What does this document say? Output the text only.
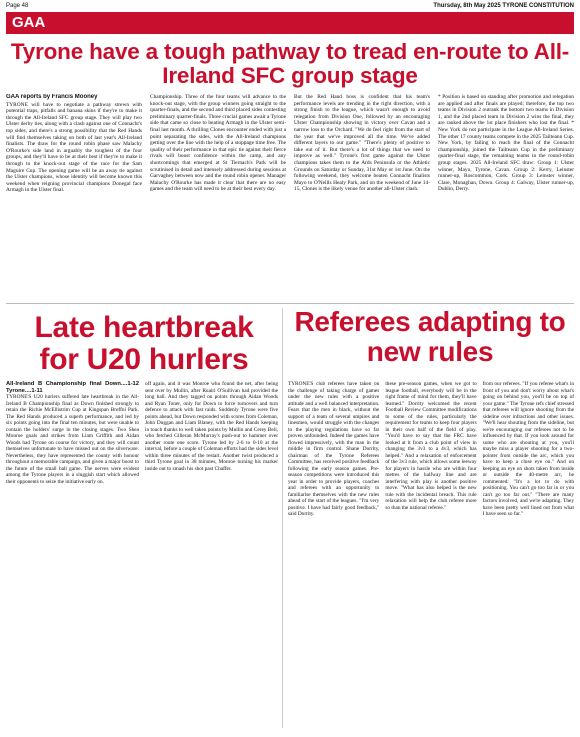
Page 48	Thursday, 8th May 2025 TYRONE CONSTITUTION
GAA
Tyrone have a tough pathway to tread en-route to All-Ireland SFC group stage
GAA reports by Francis Mooney

TYRONE will have to negotiate a pathway strewn with potential traps, pitfalls and banana skins if they're to make it through the All-Ireland SFC group stage. They will play two Ulster derby ties, along with a clash against one of Connacht's top sides, and there's a strong possibility that the Red Hands will find themselves taking on both of last year's All-Ireland finalists. The draw for the round robin phase saw Malachy O'Rourke's side land in arguably the toughest of the four groups, and they'll have to be at their best if they're to make it through to the knock-out stage of the race for the Sam Maguire Cup. The opening game will be an away tie against the Ulster champions, whose identity will become known this weekend when reigning provincial champions Donegal face Armagh in the Ulster final.

Championship. Three of the four teams will advance to the knock-out stage, with the group winners going straight to the quarter-finals, and the second and third placed sides contesting preliminary quarter-finals. Three crucial games await a Tyrone side that came so close to beating Armagh in the Ulster semi-final last month. A thrilling Clones encounter ended with just a point separating the sides, with the All-Ireland champions getting over the line with the help of a stoppage time free. The quality of their performance in that epic tie against their fierce rivals will boost confidence within the camp, and any shortcomings that emerged at St Tiernach's Park will be scrutinised in detail and intensely addressed during sessions at Garvaghey between now and the round robin opener. Manager Malachy O'Rourke has made it clear that there are no easy games and the team will need to be at their best every day.

But the Red Hand boss is confident that his team's performance levels are trending in the right direction, with a strong finish to the league, which wasn't enough to avoid relegation from Division One, followed by an encouraging Ulster Championship showing in victory over Cavan and a narrow loss to the Orchard. "We do feel right from the start of the year that we've improved all the time. We've added different layers to our game." "There's plenty of positive to take out of it. But there's a lot of things that we need to improve as well." Tyrone's first game against the Ulster champions takes them to the Ards Peninsula or the Athletic Grounds on Saturday or Sunday, 31st May or 1st June. On the following weekend, they welcome beaten Connacht finalists Mayo to O'Neills Healy Park, and on the weekend of June 14-15, Clones is the likely venue for another all-Ulster clash.

* Position is based on standing after promotion and relegation are applied and after finals are played; therefore, the top two teams in Division 2 outrank the bottom two teams in Division 1, and the 2nd placed team in Division 2 wins the final, they are ranked above the 1st place finishers who lost the final. * New York do not participate in the League All-Ireland Series. The other 17 county teams compete in the 2025 Tailteann Cup. New York, by failing to reach the final of the Connacht championship, joined the Tailteann Cup in the preliminary quarter-final stage, the remaining teams in the round-robin group stages. 2025 All-Ireland SFC draw: Group 1: Ulster winner, Mayo, Tyrone, Cavan. Group 2: Kerry, Leinster runner-up, Roscommon, Cork. Group 3: Leinster winner, Clare, Monaghan, Down. Group 4: Galway, Ulster runner-up, Dublin, Derry.

Late heartbreak for U20 hurlers
All-Ireland B Championship final Down....1-12 Tyrone....1-11

TYRONE'S U20 hurlers suffered late heartbreak in the All-Ireland B Championship final as Down finished strongly to retain the Richie McEllistrim Cup at Kingspan Breffni Park. The Red Hands produced a superb performance, and led by six points going into the final ten minutes, but were unable to contain the holders' surge in the closing stages. Two Shea Monroe goals and strikes from Liam Griffith and Aidan Woods had Tyrone on course for victory, and they will count themselves unfortunate to have missed out on the silverware. Nevertheless, they have represented the county with honour throughout a memorable campaign, and given a major boost to the future of the small ball game. The nerves were evident among the Tyrone players in a sluggish start which allowed their opponents to seize the initiative early on.

off again, and it was Monroe who found the net, after being sent over by Mullin, after Ruairi O'Sullivan had provided the long ball. And they tagged on points through Aidan Woods and Ryan Toner, only for Down to force turnovers and turn defence to attack with fast raids. Suddenly Tyrone were five points ahead, but Down responded with scores from Coleman, John Duggan and Liam Blaney, with the Red Hands keeping in touch thanks to well taken points by Mullin and Cerey Bell, who fetched Gilleran McMurray's push-out to hammer over another route one score. Tyrone led by 2-6 to 0-10 at the interval, before a couple of Coleman efforts had the sides level within three minutes of the restart. Another twist produced a third Tyrone goal in 38 minutes, Monroe turning his marker inside out to smash his shot past Chaffer.

Referees adapting to new rules

TYRONE'S club referees have taken on the challenge of taking charge of games under the new rules with a positive attitude and a well balanced interpretation. Fears that the men in black, without the support of a team of several umpires and linesmen, would struggle with the changes to the playing regulations have so far proven unfounded. Indeed the games have flowed impressively, with the man in the middle in firm control. Shane Dorrity, chairman of the Tyrone Referees Committee, has received positive feedback following the early season games. Pre-season competitions were introduced this year in order to provide players, coaches and referees with an opportunity to familiarise themselves with the new rules ahead of the start of the leagues. "I'm very positive. I have had fairly good feedback," said Dorrity.

these pre-season games, when we got to league football, everybody will be in the right frame of mind for them, they'll have learned." Dorrity welcomed the recent Football Review Committee modifications to some of the rules, particularly the requirement for teams to keep four players in their own half of the field of play. "You'd have to say that the FRC have looked at it from a club point of view in changing the 3v3 to a 4v3, which has helped." And a relaxation of enforcement of the 3v3 rule, which allows some leeway for players in hassle who are within four metres of the halfway line and are interfering with play is another positive move. "What has also helped is the new rule with the incidental breach. This rule relaxation will help the club referee more so than the national referee."

from our referees. "If you referee what's in front of you and don't worry about what's going on behind you, you'll be on top of your game." The Tyrone refs chief stressed that referees will ignore shooting from the sideline over infractions and other issues. "We'll hear shouting from the sideline, but we're encouraging our referees not to be influenced by that. If you look around for some who are shouting at you, you'll maybe miss a player shooting for a two-pointer from outside the arc, which you have to keep a close eye on." And on keeping an eye on shots taken from inside or outside the 40-metre arc, he commented: "It's a lot to do with positioning. You can't go too far in or you can't go too far out." "There are many factors involved, and we're adapting. They have been pretty well lined out from what I have seen so far."
